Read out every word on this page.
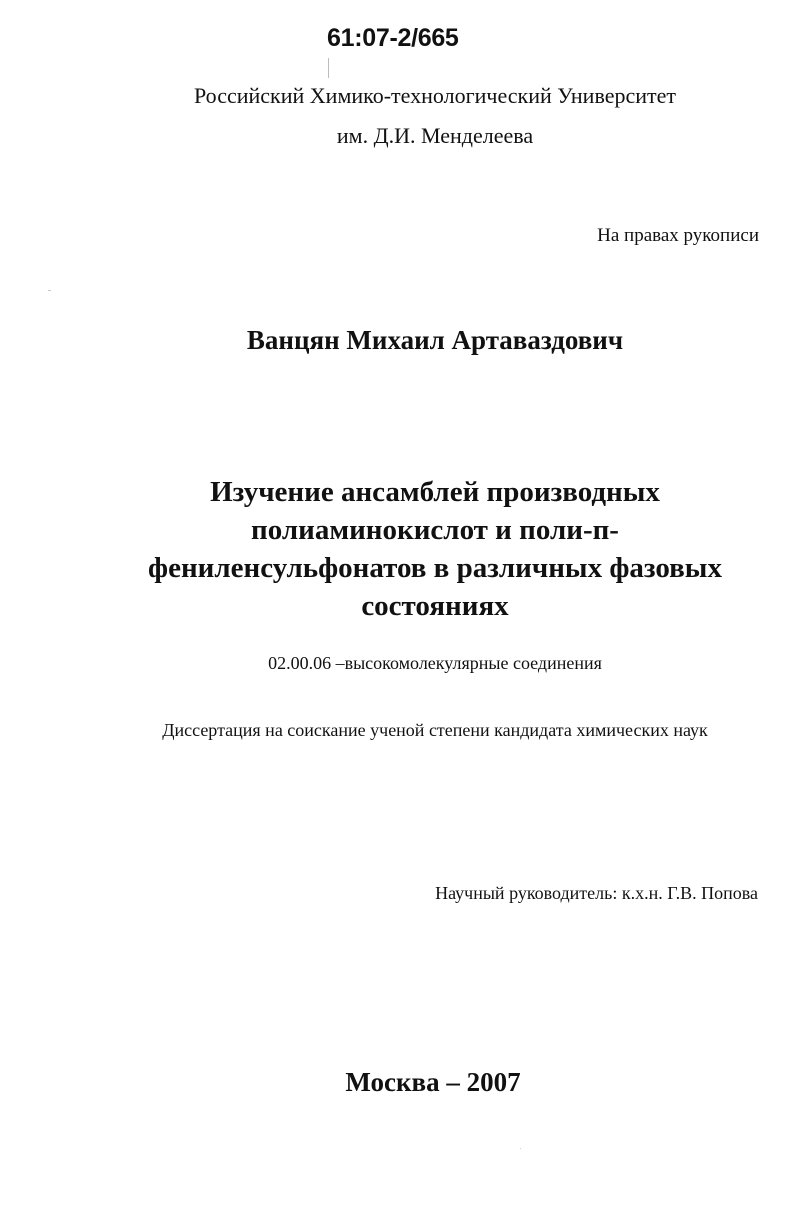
61:07-2/665
Российский Химико-технологический Университет
им. Д.И. Менделеева
На правах рукописи
Ванцян Михаил Артаваздович
Изучение ансамблей производных
полиаминокислот и поли-п-
фениленсульфонатов в различных фазовых
состояниях
02.00.06 –высокомолекулярные соединения
Диссертация на соискание ученой степени кандидата химических наук
Научный руководитель: к.х.н. Г.В. Попова
Москва – 2007
